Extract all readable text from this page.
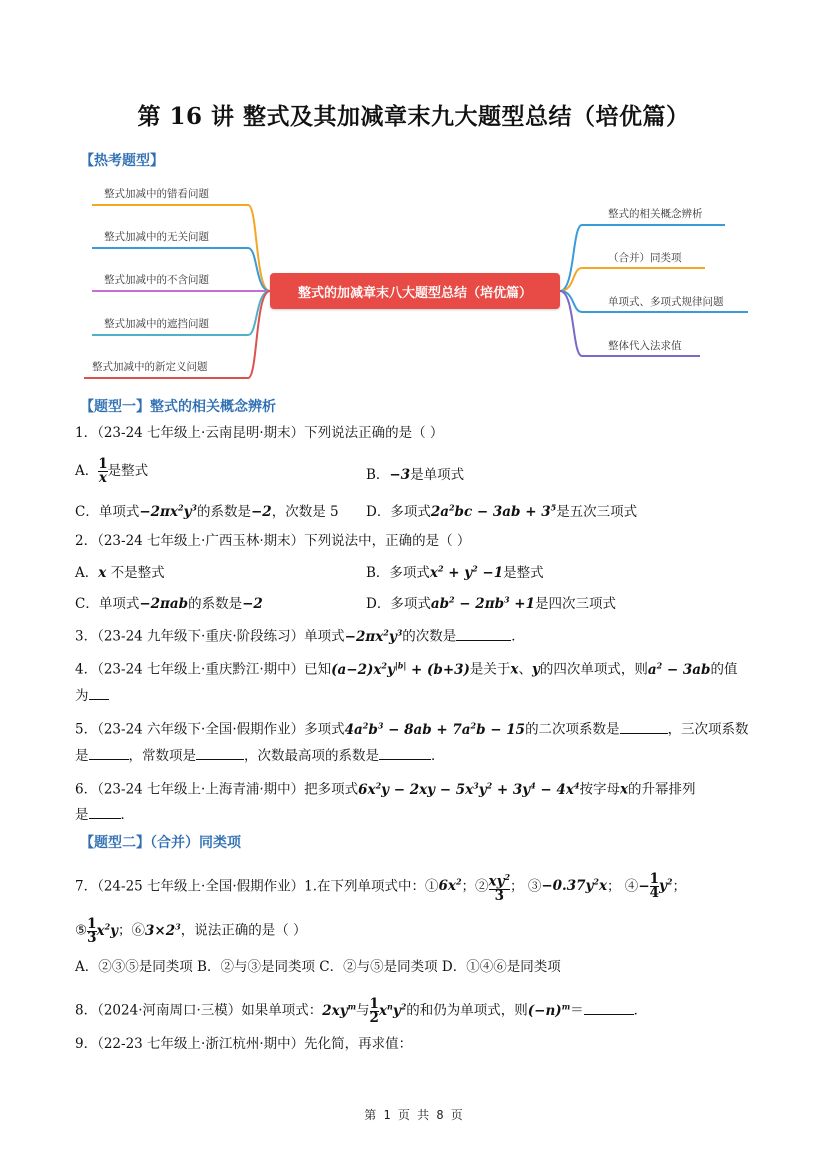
第 16 讲 整式及其加减章末九大题型总结（培优篇）
【热考题型】
整式的加减章末八大题型总结（培优篇）
整式加减中的错看问题
整式加减中的无关问题
整式加减中的不含问题
整式加减中的遮挡问题
整式加减中的新定义问题
整式的相关概念辨析
（合并）同类项
单项式、多项式规律问题
整体代入法求值
【题型一】整式的相关概念辨析
1．（23-24 七年级上·云南昆明·期末）下列说法正确的是（ ）
A． $\frac{1}{x}$ 是整式	B．−3是单项式
C．单项式$-2\pi x^2y^3$的系数是−2，次数是 5 D．多项式$2a^2bc - 3ab + 3^5$是五次三项式
2．（23-24 七年级上·广西玉林·期末）下列说法中，正确的是（ ）
A．x 不是整式	B．多项式$x^2 + y^2 -1$是整式
C．单项式−2πab的系数是−2	D．多项式$ab^2 - 2\pi b^3 +1$是四次三项式
3．（23-24 九年级下·重庆·阶段练习）单项式$-2\pi x^2y^3$的次数是	．
4．（23-24 七年级上·重庆黔江·期中）已知$(a-2)x^2y^{|b|} + (b+3)$是关于x、y的四次单项式，则$a^2 - 3ab$的值
为
5．（23-24 六年级下·全国·假期作业）多项式$4a^2b^3 - 8ab + 7a^2b - 15$的二次项系数是	，三次项系数
是	，常数项是	，次数最高项的系数是	．
6．（23-24 七年级上·上海青浦·期中）把多项式$6x^2y - 2xy - 5x^3y^2 + 3y^4 - 4x^4$按字母x的升幂排列
是 ．
【题型二】（合并）同类项
7．（24-25 七年级上·全国·假期作业）1.在下列单项式中：$①6x^2$；② $\frac{xy^2}{3}$ ； $③-0.37y^2x$； ④− $\frac{1}{4} y^2$；
⑤ $\frac{1}{3} x^2y$；$⑥3\times 2^3$，说法正确的是（ ）
A．②③⑤是同类项 B．②与③是同类项 C．②与⑤是同类项 D．①④⑥是同类项
8．（2024·河南周口·三模）如果单项式：$2xy^m$与 $\frac{1}{2} x^ny^2$的和仍为单项式，则$(-n)^m=$	．
9．（22-23 七年级上·浙江杭州·期中）先化简，再求值：
第 1 页 共 8 页
